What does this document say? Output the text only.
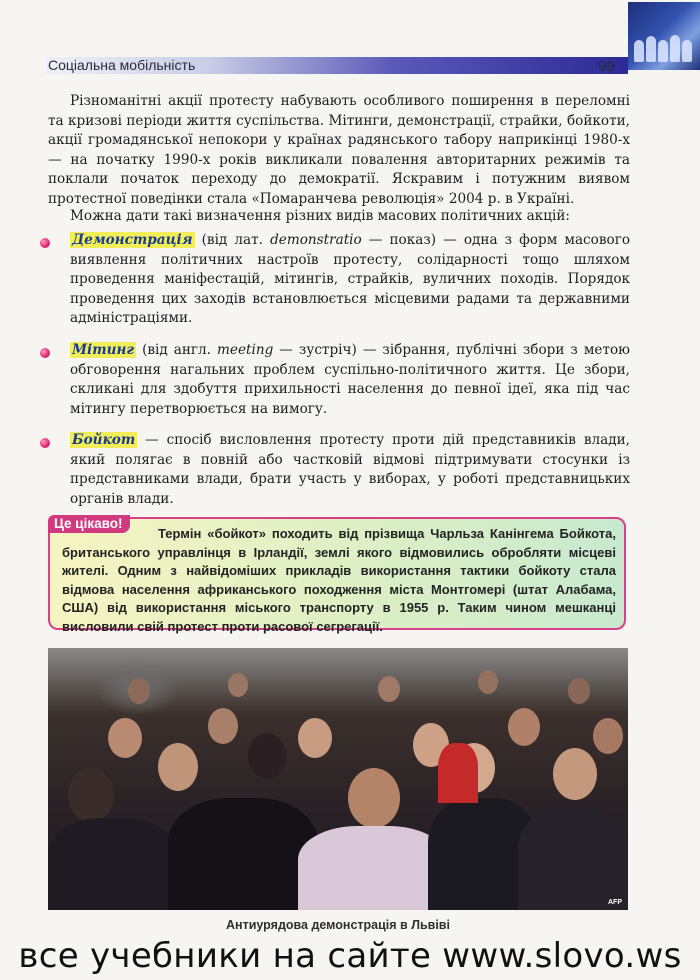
Соціальна мобільність	99

Різноманітні акції протесту набувають особливого поширення в переломні та кризові періоди життя суспільства. Мітинги, демонстрації, страйки, бойкоти, акції громадянської непокори у країнах радянського табору наприкінці 1980-х — на початку 1990-х років викликали повалення авторитарних режимів та поклали початок переходу до демократії. Яскравим і потужним виявом протестної поведінки стала «Помаранчева революція» 2004 р. в Україні.

Можна дати такі визначення різних видів масових політичних акцій:

Демонстрація (від лат. demonstratio — показ) — одна з форм масового виявлення політичних настроїв протесту, солідарності тощо шляхом проведення маніфестацій, мітингів, страйків, вуличних походів. Порядок проведення цих заходів встановлюється місцевими радами та державними адміністраціями.
Мітинг (від англ. meeting — зустріч) — зібрання, публічні збори з метою обговорення нагальних проблем суспільно-політичного життя. Це збори, скликані для здобуття прихильності населення до певної ідеї, яка під час мітингу перетворюється на вимогу.
Бойкот — спосіб висловлення протесту проти дій представників влади, який полягає в повній або частковій відмові підтримувати стосунки із представниками влади, брати участь у виборах, у роботі представницьких органів влади.
Це цікаво!
Термін «бойкот» походить від прізвища Чарльза Канінгема Бойкота, британського управлінця в Ірландії, землі якого відмовились обробляти місцеві жителі. Одним з найвідоміших прикладів використання тактики бойкоту стала відмова населення африканського походження міста Монтгомері (штат Алабама, США) від використання міського транспорту в 1955 р. Таким чином мешканці висловили свій протест проти расової сегрегації.
AFP
Антиурядова демонстрація в Львіві
все учебники на сайте www.slovo.ws
